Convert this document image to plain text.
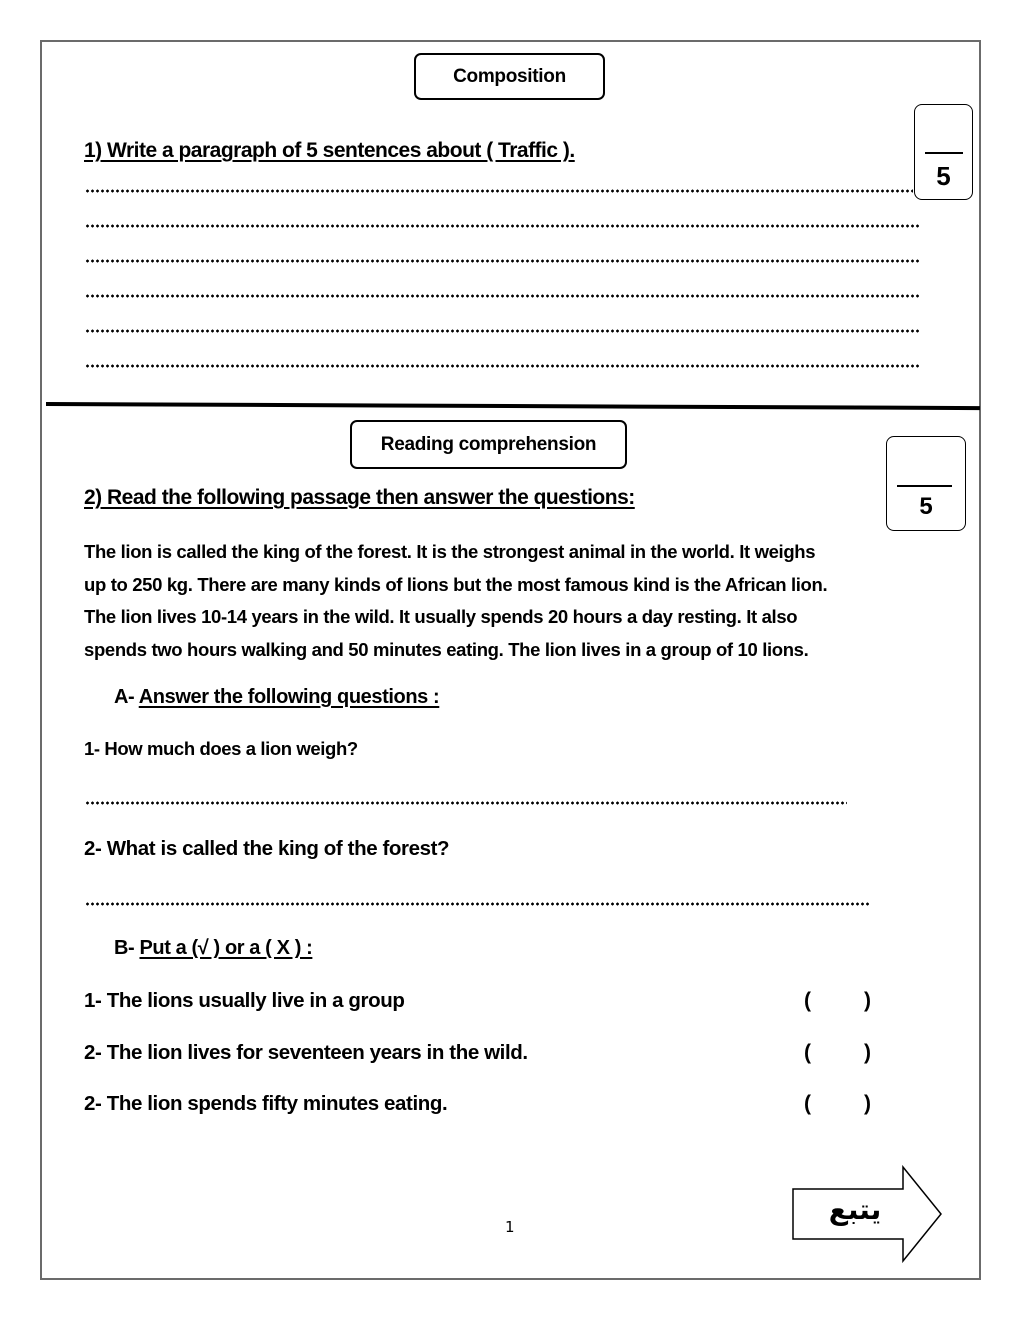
Composition
1) Write a paragraph of 5 sentences about ( Traffic ).
5
Reading comprehension
2) Read the following passage then answer the questions:	5

The lion is called the king of the forest. It is the strongest animal in the world. It weighs

up to 250 kg. There are many kinds of lions but the most famous kind is the African lion.

The lion lives 10-14 years in the wild. It usually spends 20 hours a day resting. It also

spends two hours walking and 50 minutes eating. The lion lives in a group of 10 lions.

A- Answer the following questions :
1- How much does a lion weigh?
2- What is called the king of the forest?
B- Put a (√ ) or a ( X ) :
1- The lions usually live in a group	(	)
2- The lion lives for seventeen years in the wild.	(	)
2- The lion spends fifty minutes eating.	(	)
1
يتبع
